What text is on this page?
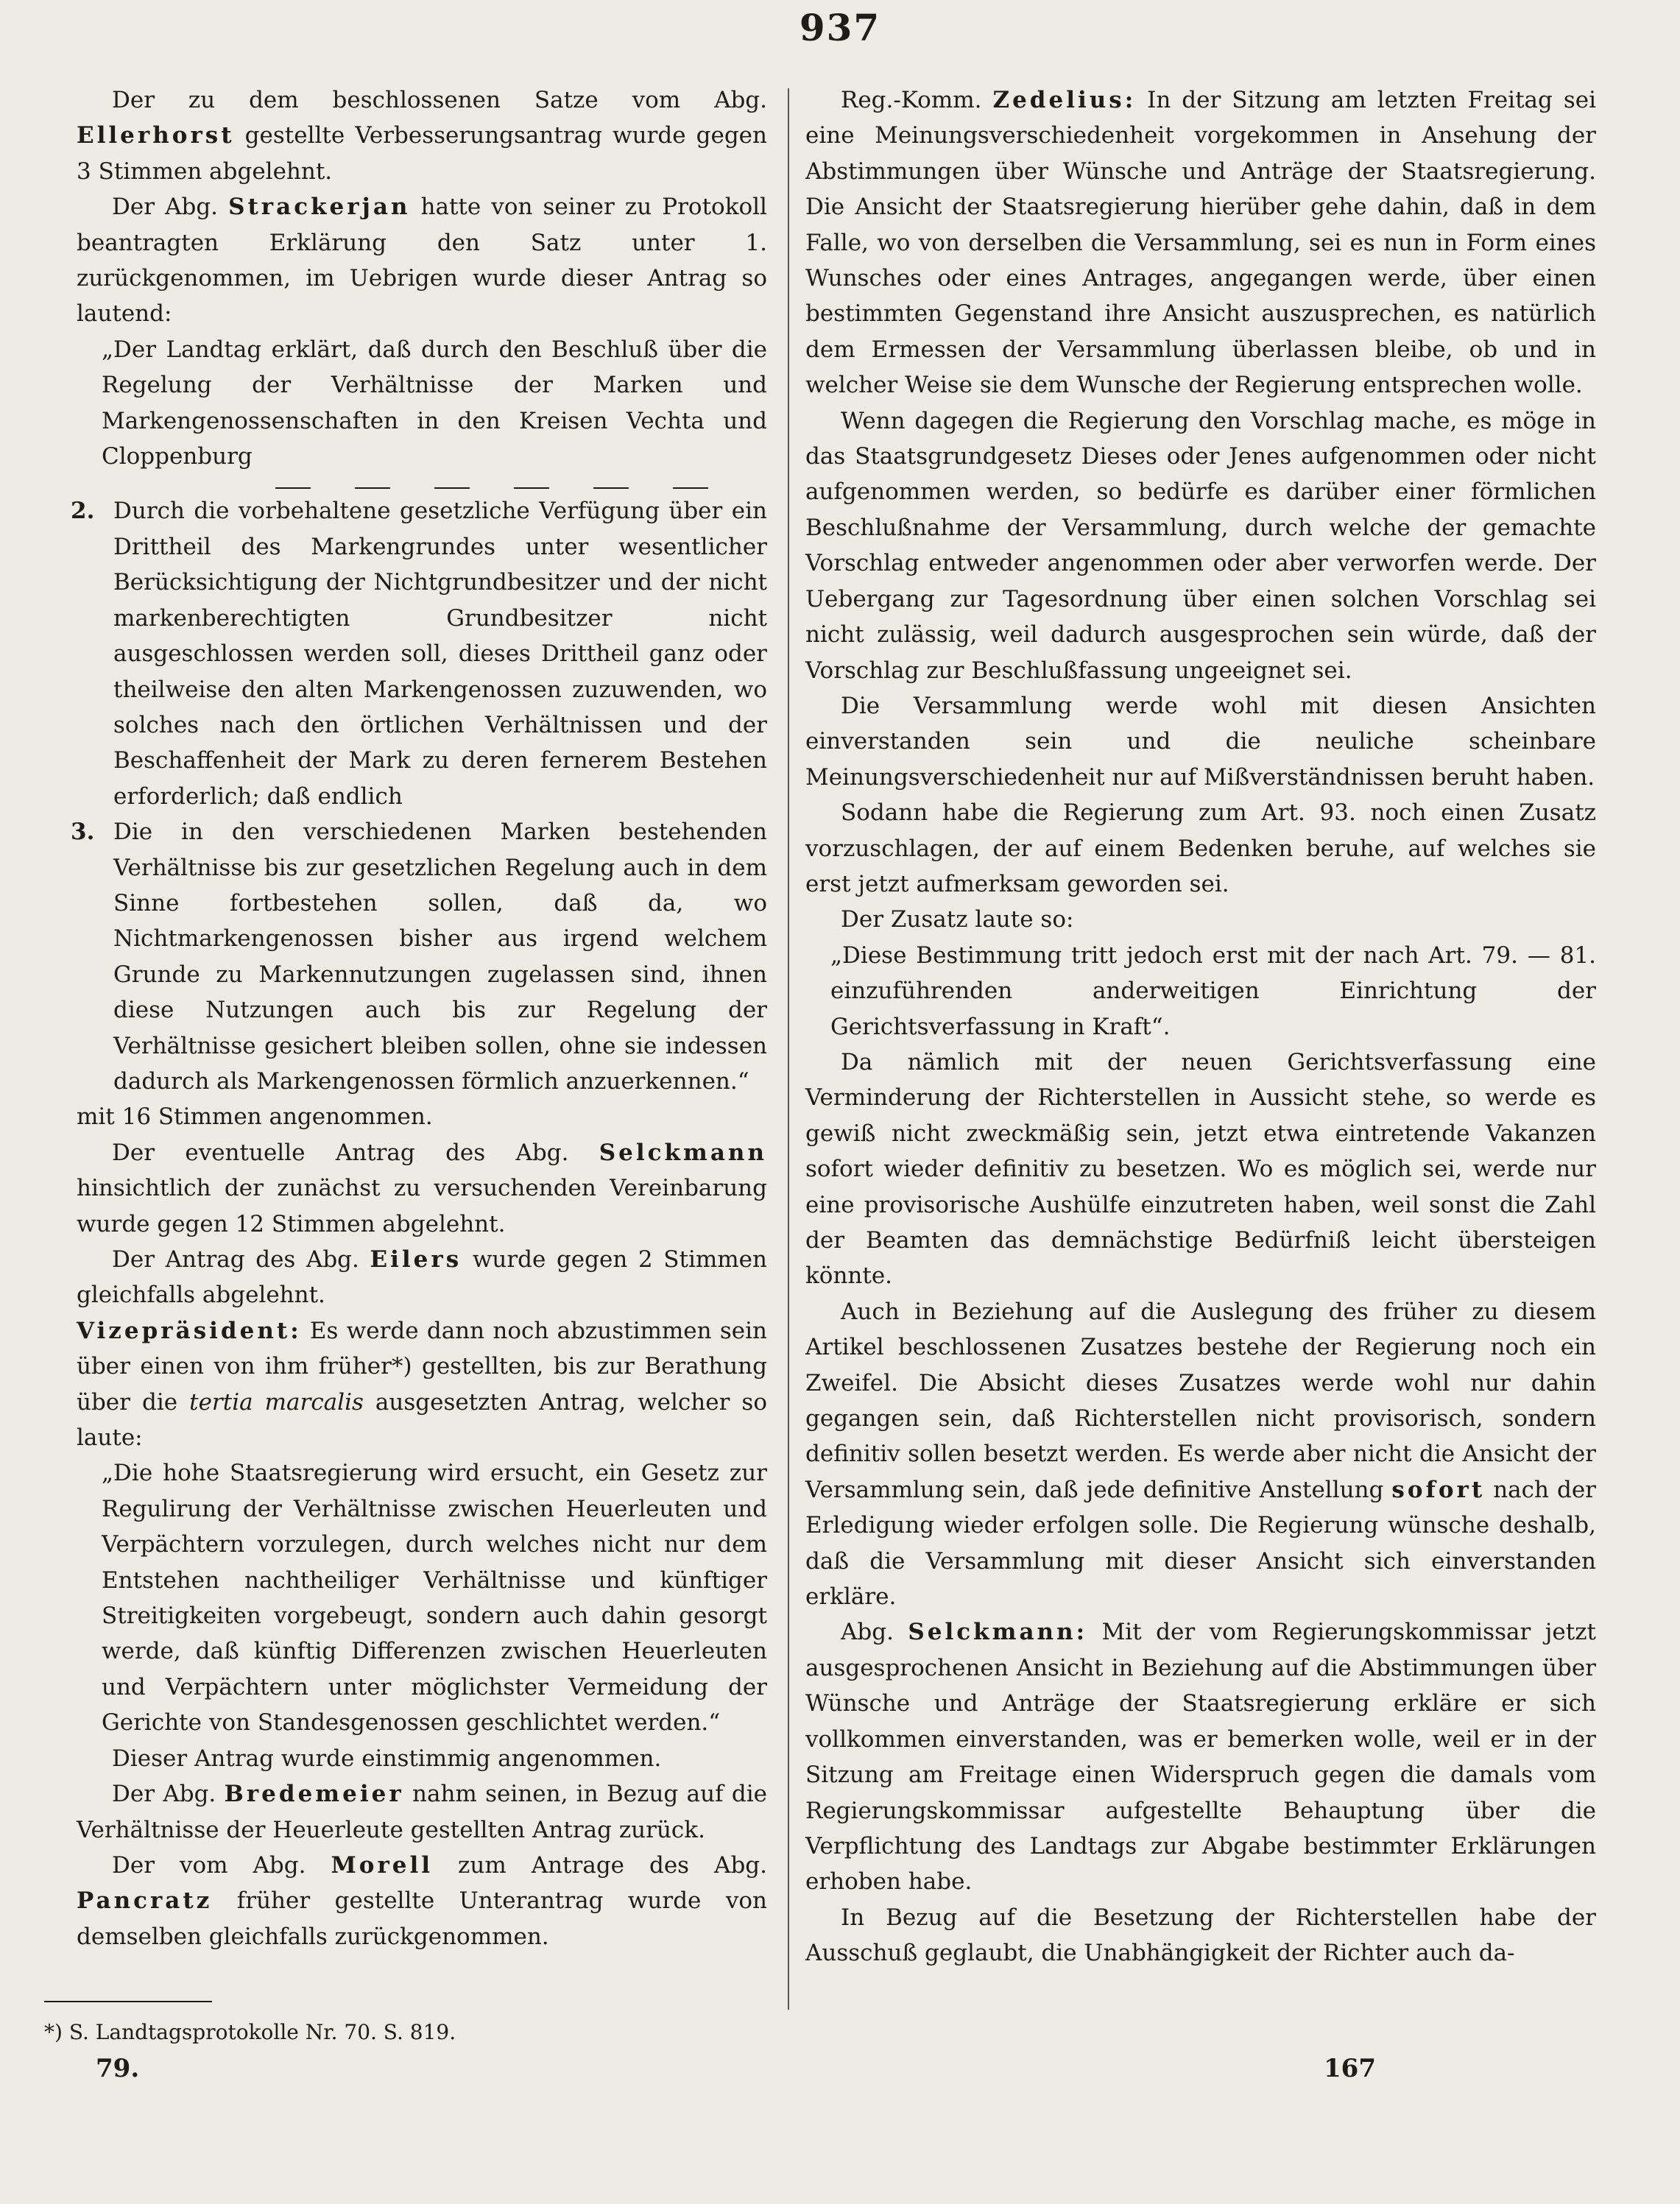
937

Der zu dem beschlossenen Satze vom Abg. Ellerhorst gestellte Verbesserungsantrag wurde gegen 3 Stimmen abgelehnt.

Der Abg. Strackerjan hatte von seiner zu Protokoll beantragten Erklärung den Satz unter 1. zurückgenommen, im Uebrigen wurde dieser Antrag so lautend:

„Der Landtag erklärt, daß durch den Beschluß über die Regelung der Verhältnisse der Marken und Markengenossenschaften in den Kreisen Vechta und Cloppenburg

2. Durch die vorbehaltene gesetzliche Verfügung über ein Drittheil des Markengrundes unter wesentlicher Berücksichtigung der Nichtgrundbesitzer und der nicht markenberechtigten Grundbesitzer nicht ausgeschlossen werden soll, dieses Drittheil ganz oder theilweise den alten Markengenossen zuzuwenden, wo solches nach den örtlichen Verhältnissen und der Beschaffenheit der Mark zu deren fernerem Bestehen erforderlich; daß endlich

3. Die in den verschiedenen Marken bestehenden Verhältnisse bis zur gesetzlichen Regelung auch in dem Sinne fortbestehen sollen, daß da, wo Nichtmarkengenossen bisher aus irgend welchem Grunde zu Markennutzungen zugelassen sind, ihnen diese Nutzungen auch bis zur Regelung der Verhältnisse gesichert bleiben sollen, ohne sie indessen dadurch als Markengenossen förmlich anzuerkennen.“

mit 16 Stimmen angenommen.

Der eventuelle Antrag des Abg. Selckmann hinsichtlich der zunächst zu versuchenden Vereinbarung wurde gegen 12 Stimmen abgelehnt.

Der Antrag des Abg. Eilers wurde gegen 2 Stimmen gleichfalls abgelehnt.

Vizepräsident: Es werde dann noch abzustimmen sein über einen von ihm früher*) gestellten, bis zur Berathung über die tertia marcalis ausgesetzten Antrag, welcher so laute:

„Die hohe Staatsregierung wird ersucht, ein Gesetz zur Regulirung der Verhältnisse zwischen Heuerleuten und Verpächtern vorzulegen, durch welches nicht nur dem Entstehen nachtheiliger Verhältnisse und künftiger Streitigkeiten vorgebeugt, sondern auch dahin gesorgt werde, daß künftig Differenzen zwischen Heuerleuten und Verpächtern unter möglichster Vermeidung der Gerichte von Standesgenossen geschlichtet werden.“

Dieser Antrag wurde einstimmig angenommen.

Der Abg. Bredemeier nahm seinen, in Bezug auf die Verhältnisse der Heuerleute gestellten Antrag zurück.

Der vom Abg. Morell zum Antrage des Abg. Pancratz früher gestellte Unterantrag wurde von demselben gleichfalls zurückgenommen.

Reg.-Komm. Zedelius: In der Sitzung am letzten Freitag sei eine Meinungsverschiedenheit vorgekommen in Ansehung der Abstimmungen über Wünsche und Anträge der Staatsregierung. Die Ansicht der Staatsregierung hierüber gehe dahin, daß in dem Falle, wo von derselben die Versammlung, sei es nun in Form eines Wunsches oder eines Antrages, angegangen werde, über einen bestimmten Gegenstand ihre Ansicht auszusprechen, es natürlich dem Ermessen der Versammlung überlassen bleibe, ob und in welcher Weise sie dem Wunsche der Regierung entsprechen wolle.

Wenn dagegen die Regierung den Vorschlag mache, es möge in das Staatsgrundgesetz Dieses oder Jenes aufgenommen oder nicht aufgenommen werden, so bedürfe es darüber einer förmlichen Beschlußnahme der Versammlung, durch welche der gemachte Vorschlag entweder angenommen oder aber verworfen werde. Der Uebergang zur Tagesordnung über einen solchen Vorschlag sei nicht zulässig, weil dadurch ausgesprochen sein würde, daß der Vorschlag zur Beschlußfassung ungeeignet sei.

Die Versammlung werde wohl mit diesen Ansichten einverstanden sein und die neuliche scheinbare Meinungsverschiedenheit nur auf Mißverständnissen beruht haben.

Sodann habe die Regierung zum Art. 93. noch einen Zusatz vorzuschlagen, der auf einem Bedenken beruhe, auf welches sie erst jetzt aufmerksam geworden sei.

Der Zusatz laute so:

„Diese Bestimmung tritt jedoch erst mit der nach Art. 79. — 81. einzuführenden anderweitigen Einrichtung der Gerichtsverfassung in Kraft“.

Da nämlich mit der neuen Gerichtsverfassung eine Verminderung der Richterstellen in Aussicht stehe, so werde es gewiß nicht zweckmäßig sein, jetzt etwa eintretende Vakanzen sofort wieder definitiv zu besetzen. Wo es möglich sei, werde nur eine provisorische Aushülfe einzutreten haben, weil sonst die Zahl der Beamten das demnächstige Bedürfniß leicht übersteigen könnte.

Auch in Beziehung auf die Auslegung des früher zu diesem Artikel beschlossenen Zusatzes bestehe der Regierung noch ein Zweifel. Die Absicht dieses Zusatzes werde wohl nur dahin gegangen sein, daß Richterstellen nicht provisorisch, sondern definitiv sollen besetzt werden. Es werde aber nicht die Ansicht der Versammlung sein, daß jede definitive Anstellung sofort nach der Erledigung wieder erfolgen solle. Die Regierung wünsche deshalb, daß die Versammlung mit dieser Ansicht sich einverstanden erkläre.

Abg. Selckmann: Mit der vom Regierungskommissar jetzt ausgesprochenen Ansicht in Beziehung auf die Abstimmungen über Wünsche und Anträge der Staatsregierung erkläre er sich vollkommen einverstanden, was er bemerken wolle, weil er in der Sitzung am Freitage einen Widerspruch gegen die damals vom Regierungskommissar aufgestellte Behauptung über die Verpflichtung des Landtags zur Abgabe bestimmter Erklärungen erhoben habe.

In Bezug auf die Besetzung der Richterstellen habe der Ausschuß geglaubt, die Unabhängigkeit der Richter auch da-

*) S. Landtagsprotokolle Nr. 70. S. 819.
79.	167
